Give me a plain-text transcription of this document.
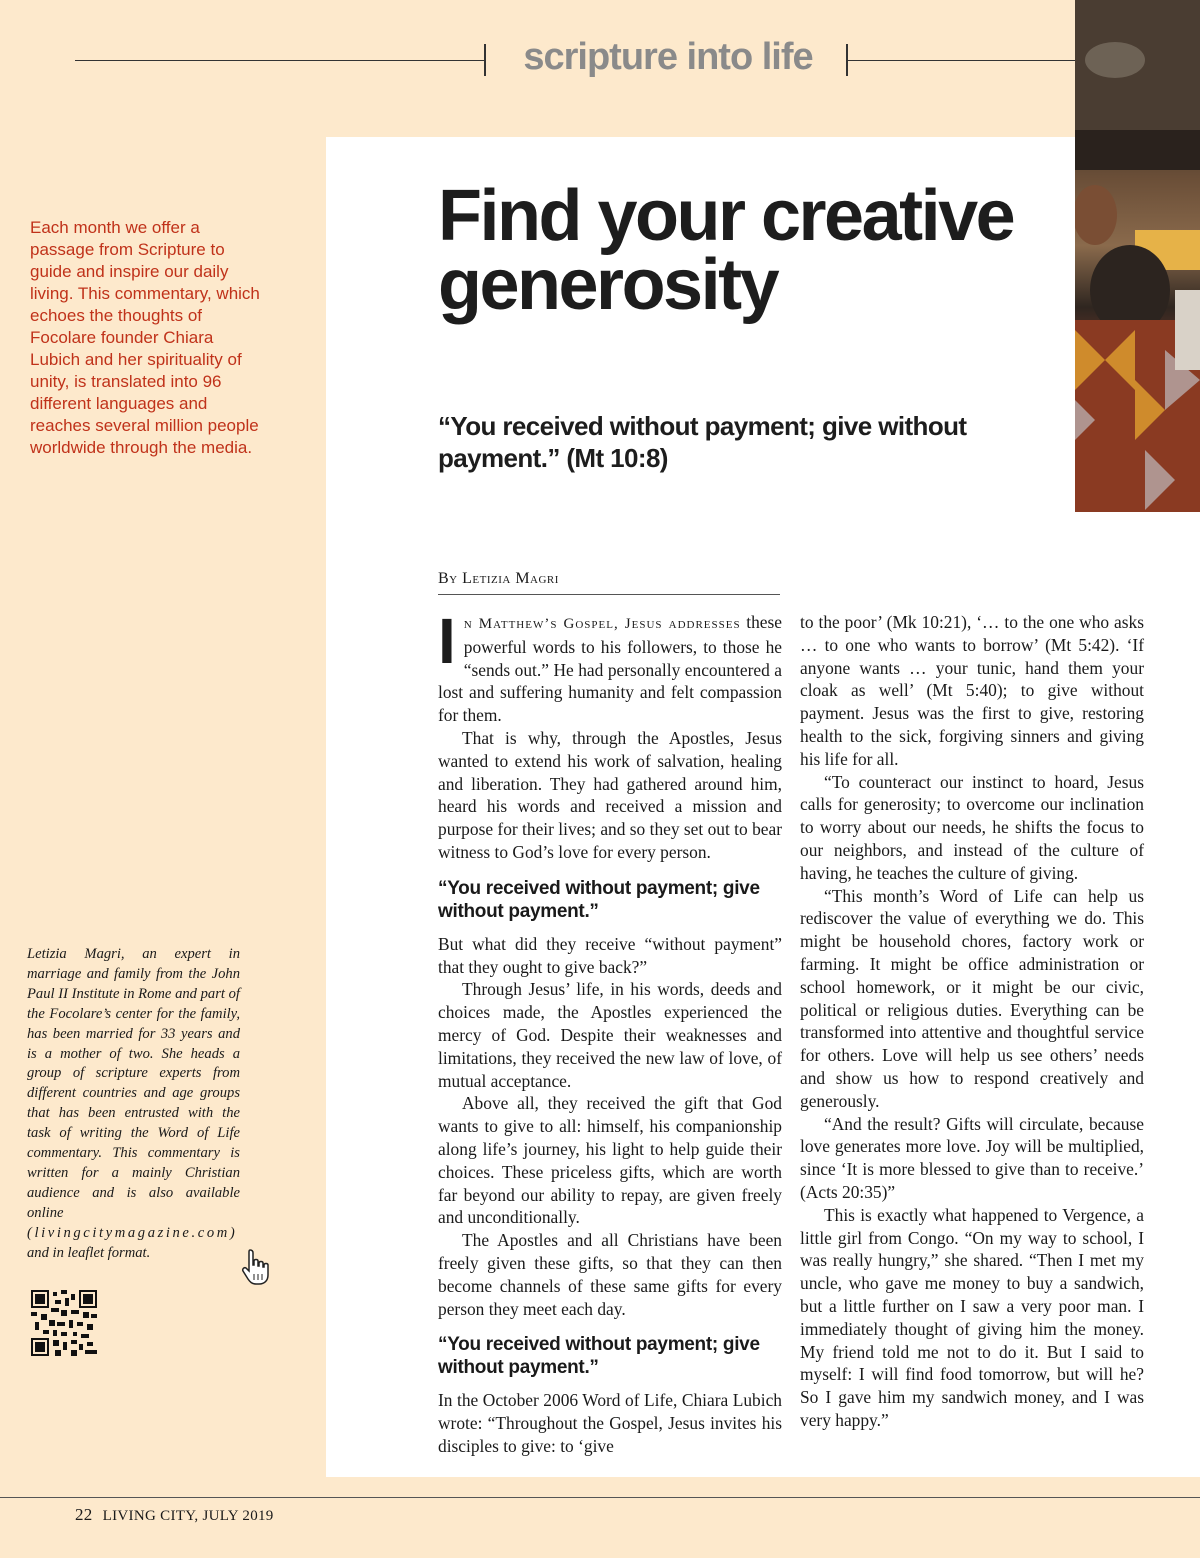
scripture into life
Each month we offer a passage from Scripture to guide and inspire our daily living. This commentary, which echoes the thoughts of Focolare founder Chiara Lubich and her spirituality of unity, is translated into 96 different languages and reaches several million people worldwide through the media.
Letizia Magri, an expert in marriage and family from the John Paul II Institute in Rome and part of the Focolare’s center for the family, has been married for 33 years and is a mother of two. She heads a group of scripture experts from different countries and age groups that has been entrusted with the task of writing the Word of Life commentary. This commentary is written for a mainly Christian audience and is also available online (livingcitymagazine.com) and in leaflet format.
Find your creative generosity
“You received without payment; give without payment.” (Mt 10:8)
By Letizia Magri

In Matthew’s Gospel, Jesus addresses these powerful words to his followers, to those he “sends out.” He had personally encountered a lost and suffering humanity and felt compassion for them.

That is why, through the Apostles, Jesus wanted to extend his work of salvation, healing and liberation. They had gathered around him, heard his words and received a mission and purpose for their lives; and so they set out to bear witness to God’s love for every person.

“You received without payment; give without payment.”

But what did they receive “without payment” that they ought to give back?”

Through Jesus’ life, in his words, deeds and choices made, the Apostles experienced the mercy of God. Despite their weaknesses and limitations, they received the new law of love, of mutual acceptance.

Above all, they received the gift that God wants to give to all: himself, his companionship along life’s journey, his light to help guide their choices. These priceless gifts, which are worth far beyond our ability to repay, are given freely and unconditionally.

The Apostles and all Christians have been freely given these gifts, so that they can then become channels of these same gifts for every person they meet each day.

“You received without payment; give without payment.”

In the October 2006 Word of Life, Chiara Lubich wrote: “Throughout the Gospel, Jesus invites his disciples to give: to ‘give

to the poor’ (Mk 10:21), ‘… to the one who asks … to one who wants to borrow’ (Mt 5:42). ‘If anyone wants … your tunic, hand them your cloak as well’ (Mt 5:40); to give without payment. Jesus was the first to give, restoring health to the sick, forgiving sinners and giving his life for all.

“To counteract our instinct to hoard, Jesus calls for generosity; to overcome our inclination to worry about our needs, he shifts the focus to our neighbors, and instead of the culture of having, he teaches the culture of giving.

“This month’s Word of Life can help us rediscover the value of everything we do. This might be household chores, factory work or farming. It might be office administration or school homework, or it might be our civic, political or religious duties. Everything can be transformed into attentive and thoughtful service for others. Love will help us see others’ needs and show us how to respond creatively and generously.

“And the result? Gifts will circulate, because love generates more love. Joy will be multiplied, since ‘It is more blessed to give than to receive.’ (Acts 20:35)”

This is exactly what happened to Vergence, a little girl from Congo. “On my way to school, I was really hungry,” she shared. “Then I met my uncle, who gave me money to buy a sandwich, but a little further on I saw a very poor man. I immediately thought of giving him the money. My friend told me not to do it. But I said to myself: I will find food tomorrow, but will he? So I gave him my sandwich money, and I was very happy.”

22 LIVING CITY, JULY 2019
